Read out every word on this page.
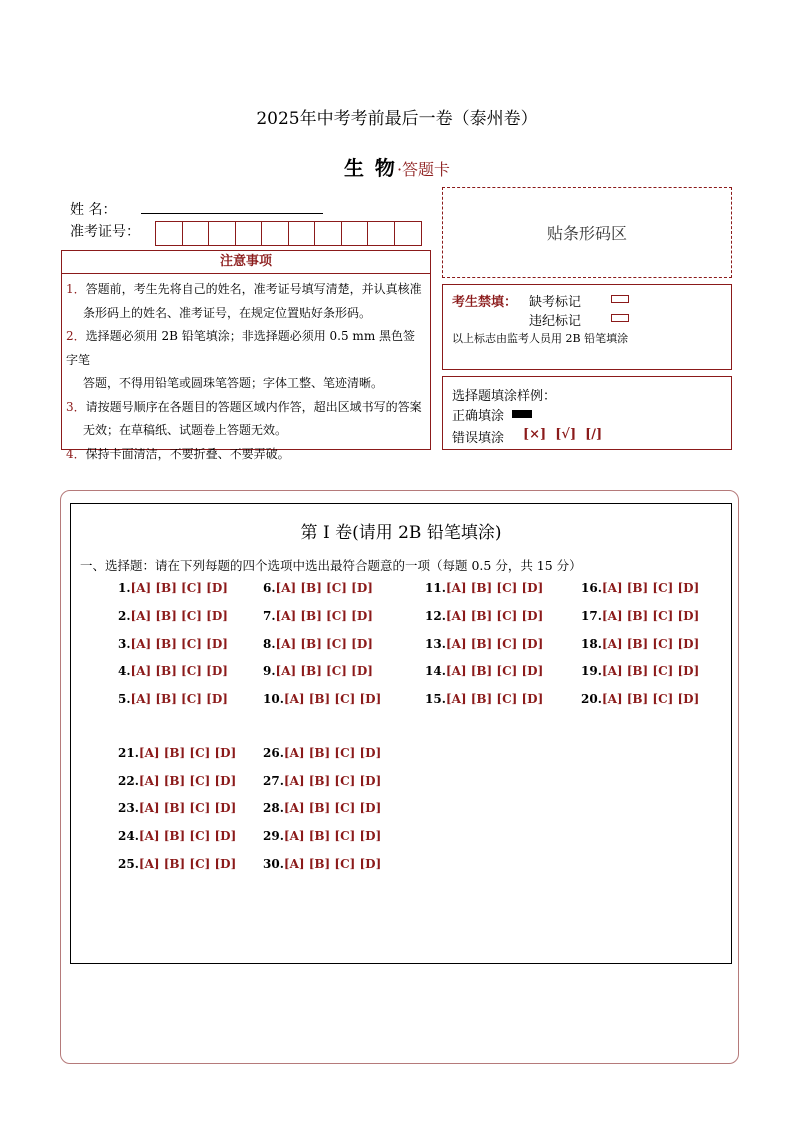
2025年中考考前最后一卷（泰州卷）
生 物·答题卡
姓 名：
准考证号：	贴条形码区
注意事项

1．答题前，考生先将自己的姓名，准考证号填写清楚，并认真核准

条形码上的姓名、准考证号，在规定位置贴好条形码。

2．选择题必须用 2B 铅笔填涂；非选择题必须用 0.5 mm 黑色签字笔

答题，不得用铅笔或圆珠笔答题；字体工整、笔迹清晰。

3．请按题号顺序在各题目的答题区域内作答，超出区域书写的答案

无效；在草稿纸、试题卷上答题无效。

4．保持卡面清洁，不要折叠、不要弄破。

考生禁填： 缺考标记
违纪标记
以上标志由监考人员用 2B 铅笔填涂
选择题填涂样例：
正确填涂
错误填涂 [×]  [√]  [/]
第 I 卷(请用 2B 铅笔填涂)
一、选择题：请在下列每题的四个选项中选出最符合题意的一项（每题 0.5 分，共 15 分）
1.[A] [B] [C] [D]
2.[A] [B] [C] [D]
3.[A] [B] [C] [D]
4.[A] [B] [C] [D]
5.[A] [B] [C] [D]
6.[A] [B] [C] [D]
7.[A] [B] [C] [D]
8.[A] [B] [C] [D]
9.[A] [B] [C] [D]
10.[A] [B] [C] [D]
11.[A] [B] [C] [D]
12.[A] [B] [C] [D]
13.[A] [B] [C] [D]
14.[A] [B] [C] [D]
15.[A] [B] [C] [D]
16.[A] [B] [C] [D]
17.[A] [B] [C] [D]
18.[A] [B] [C] [D]
19.[A] [B] [C] [D]
20.[A] [B] [C] [D]
21.[A] [B] [C] [D]
22.[A] [B] [C] [D]
23.[A] [B] [C] [D]
24.[A] [B] [C] [D]
25.[A] [B] [C] [D]
26.[A] [B] [C] [D]
27.[A] [B] [C] [D]
28.[A] [B] [C] [D]
29.[A] [B] [C] [D]
30.[A] [B] [C] [D]
